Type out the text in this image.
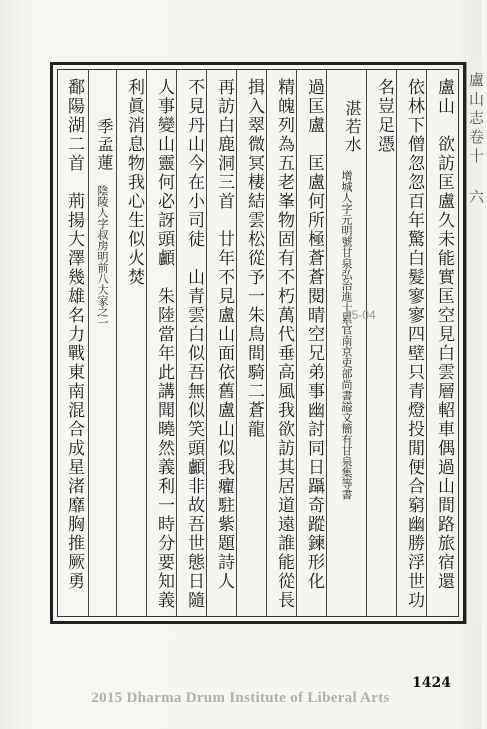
盧山志卷十 六
盧山　欲訪匡盧久未能實匡空見白雲層軺車偶過山間路旅宿還
依林下僧忽忽百年驚白髮寥寥四壁只青燈投閒便合窮幽勝浮世功
名豈足憑
湛若水
增城人字元明號甘泉弘治進士累官南京吏部尚書謚文簡有甘泉集等書
過匡盧　匡盧何所極蒼蒼閱晴空兄弟事幽討同日躡奇蹤鍊形化
精魄列為五老峯物固有不朽萬代垂高風我欲訪其居道遠誰能從長
揖入翠微冥棲結雲松從予一朱鳥間騎二蒼龍
再訪白鹿洞三首　廿年不見盧山面依舊盧山似我癯駐紫題詩人
不見丹山今在小司徒　山青雲白似吾無似笑頭顱非故吾世態日隨
人事變山靈何必訝頭顱　朱陸當年此講聞曉然義利一時分要知義
利眞消息物我心生似火焚
季孟蓮
陰陵人字叔房明前八大家之一
鄱陽湖二首　荊揚大澤幾雄名力戰東南混合成星渚靡胸推厥勇	25-04
1424
2015 Dharma Drum Institute of Liberal Arts
